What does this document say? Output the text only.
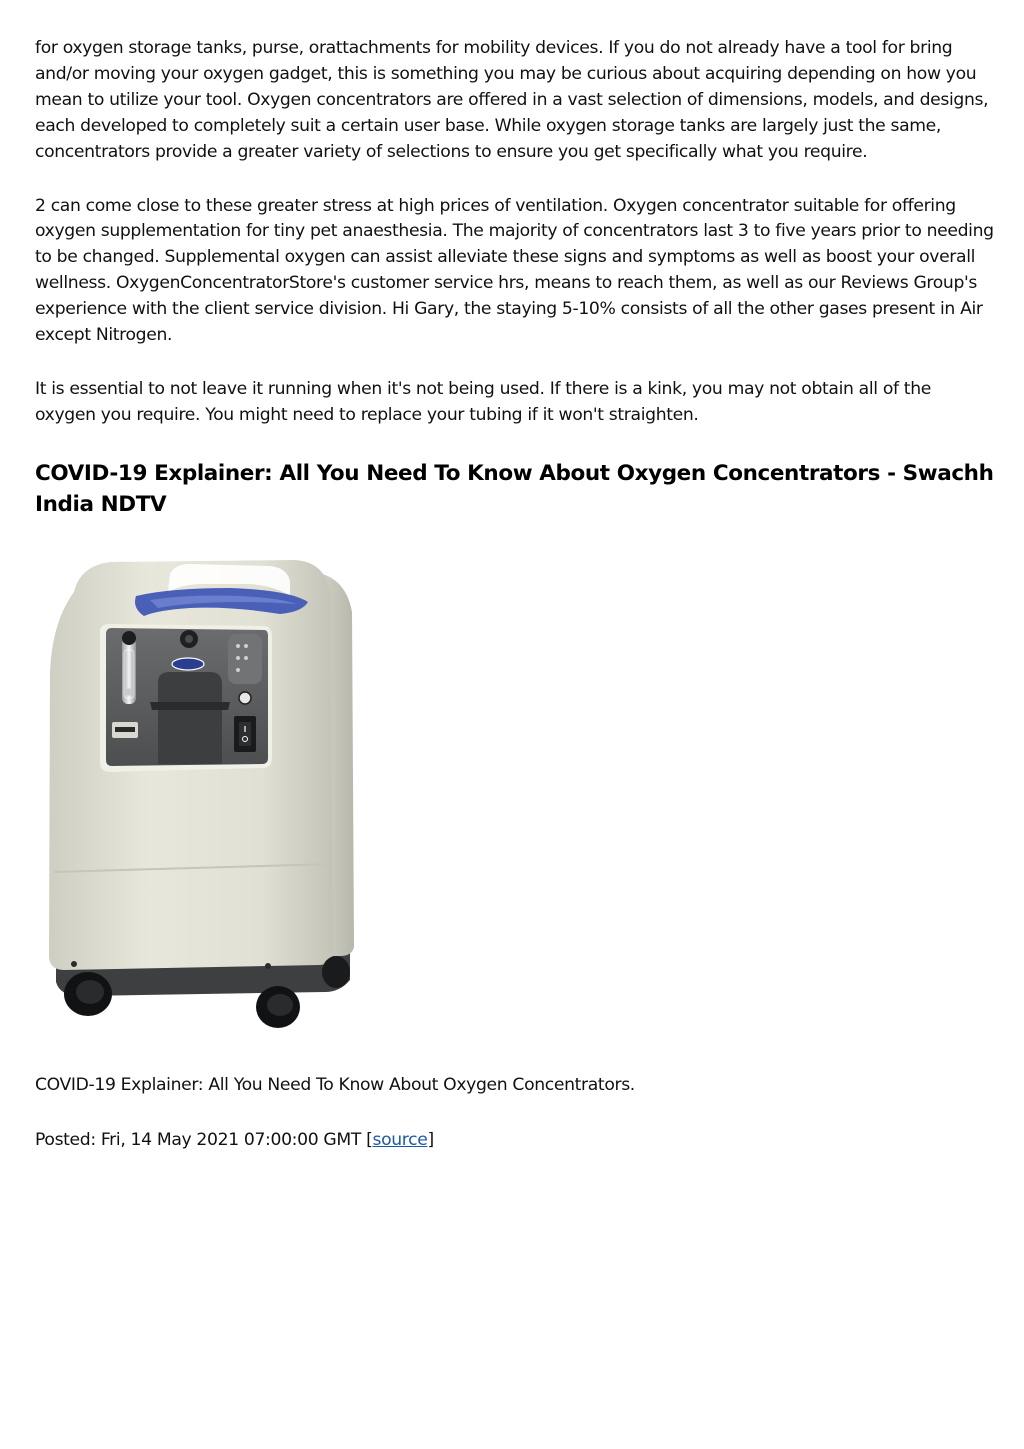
for oxygen storage tanks, purse, orattachments for mobility devices. If you do not already have a tool for bring and/or moving your oxygen gadget, this is something you may be curious about acquiring depending on how you mean to utilize your tool. Oxygen concentrators are offered in a vast selection of dimensions, models, and designs, each developed to completely suit a certain user base. While oxygen storage tanks are largely just the same, concentrators provide a greater variety of selections to ensure you get specifically what you require.

2 can come close to these greater stress at high prices of ventilation. Oxygen concentrator suitable for offering oxygen supplementation for tiny pet anaesthesia. The majority of concentrators last 3 to five years prior to needing to be changed. Supplemental oxygen can assist alleviate these signs and symptoms as well as boost your overall wellness. OxygenConcentratorStore's customer service hrs, means to reach them, as well as our Reviews Group's experience with the client service division. Hi Gary, the staying 5-10% consists of all the other gases present in Air except Nitrogen.

It is essential to not leave it running when it's not being used. If there is a kink, you may not obtain all of the oxygen you require. You might need to replace your tubing if it won't straighten.

COVID-19 Explainer: All You Need To Know About Oxygen Concentrators - Swachh India NDTV
COVID-19 Explainer: All You Need To Know About Oxygen Concentrators.
Posted: Fri, 14 May 2021 07:00:00 GMT [source]
